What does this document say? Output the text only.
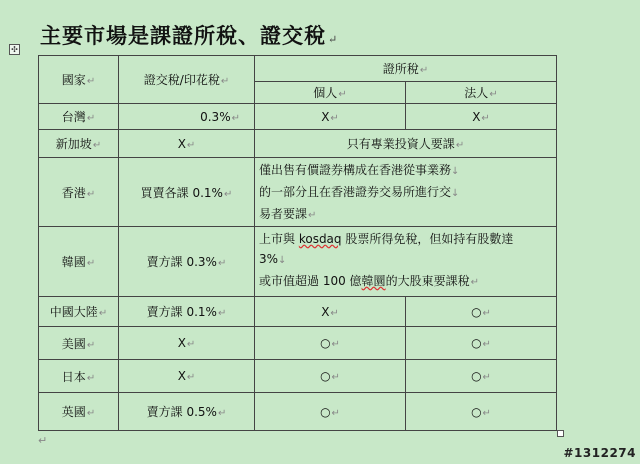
主要市場是課證所稅、證交稅 ↵
✣
國家↵	證交稅/印花稅↵	證所稅↵	
		個人↵	法人↵
台灣↵	0.3%↵	X↵	X↵
新加坡↵	X↵	只有專業投資人要課↵	
香港↵	買賣各課 0.1%↵	僅出售有價證券構成在香港從事業務↓
的一部分且在香港證券交易所進行交↓
易者要課↵	
韓國↵	賣方課 0.3%↵	上市與 kosdaq 股票所得免稅，但如持有股數達
3%↓
或市值超過 100 億韓圜的大股東要課稅↵	
中國大陸↵	賣方課 0.1%↵	X↵	○↵
美國↵	X↵	○↵	○↵
日本↵	X↵	○↵	○↵
英國↵	賣方課 0.5%↵	○↵	○↵
↵
#1312274
